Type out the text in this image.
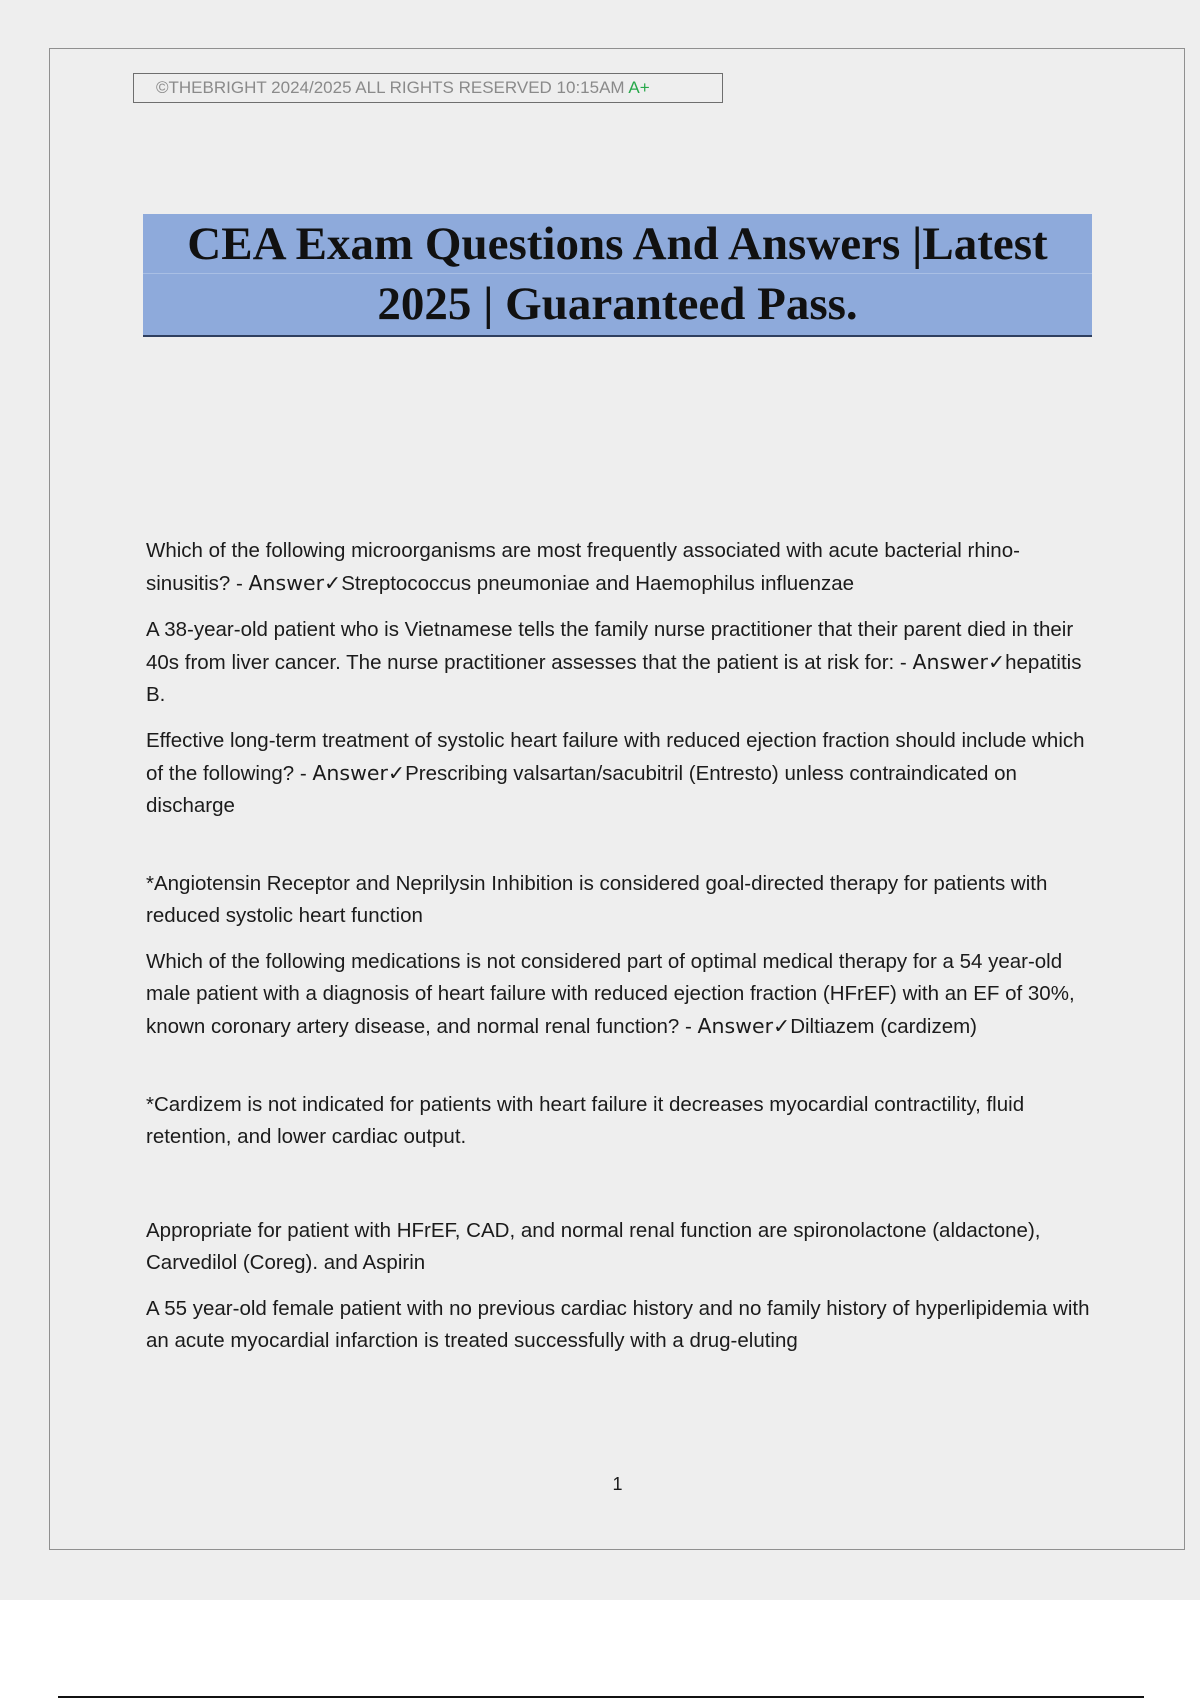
©THEBRIGHT 2024/2025 ALL RIGHTS RESERVED 10:15AM A+
CEA Exam Questions And Answers |Latest
2025 | Guaranteed Pass.

Which of the following microorganisms are most frequently associated with acute bacterial rhino-sinusitis? - Answer✓Streptococcus pneumoniae and Haemophilus influenzae

A 38-year-old patient who is Vietnamese tells the family nurse practitioner that their parent died in their 40s from liver cancer. The nurse practitioner assesses that the patient is at risk for: - Answer✓hepatitis B.

Effective long-term treatment of systolic heart failure with reduced ejection fraction should include which of the following? - Answer✓Prescribing valsartan/sacubitril (Entresto) unless contraindicated on discharge

*Angiotensin Receptor and Neprilysin Inhibition is considered goal-directed therapy for patients with reduced systolic heart function

Which of the following medications is not considered part of optimal medical therapy for a 54 year-old male patient with a diagnosis of heart failure with reduced ejection fraction (HFrEF) with an EF of 30%, known coronary artery disease, and normal renal function? - Answer✓Diltiazem (cardizem)

*Cardizem is not indicated for patients with heart failure it decreases myocardial contractility, fluid retention, and lower cardiac output.

Appropriate for patient with HFrEF, CAD, and normal renal function are spironolactone (aldactone), Carvedilol (Coreg). and Aspirin

A 55 year-old female patient with no previous cardiac history and no family history of hyperlipidemia with an acute myocardial infarction is treated successfully with a drug-eluting

1
